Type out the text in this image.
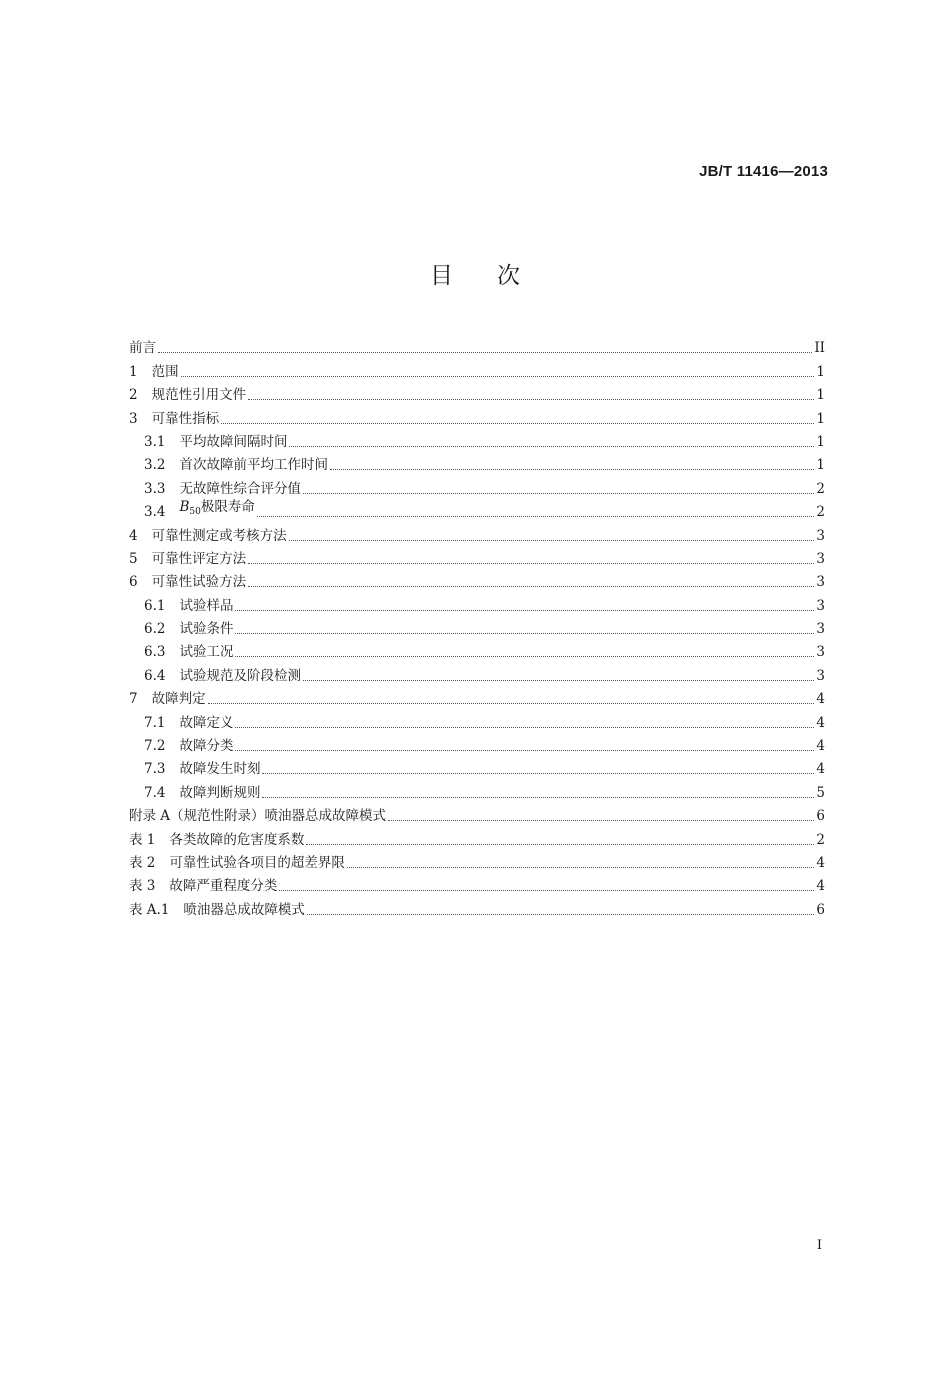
JB/T 11416—2013
目次
前言	II
1 范围	1
2 规范性引用文件	1
3 可靠性指标	1
3.1 平均故障间隔时间	1
3.2 首次故障前平均工作时间	1
3.3 无故障性综合评分值	2
3.4 $B_{50}$极限寿命	2
4 可靠性测定或考核方法	3
5 可靠性评定方法	3
6 可靠性试验方法	3
6.1 试验样品	3
6.2 试验条件	3
6.3 试验工况	3
6.4 试验规范及阶段检测	3
7 故障判定	4
7.1 故障定义	4
7.2 故障分类	4
7.3 故障发生时刻	4
7.4 故障判断规则	5
附录 A（规范性附录）喷油器总成故障模式	6
表 1 各类故障的危害度系数	2
表 2 可靠性试验各项目的超差界限	4
表 3 故障严重程度分类	4
表 A.1 喷油器总成故障模式	6
I
